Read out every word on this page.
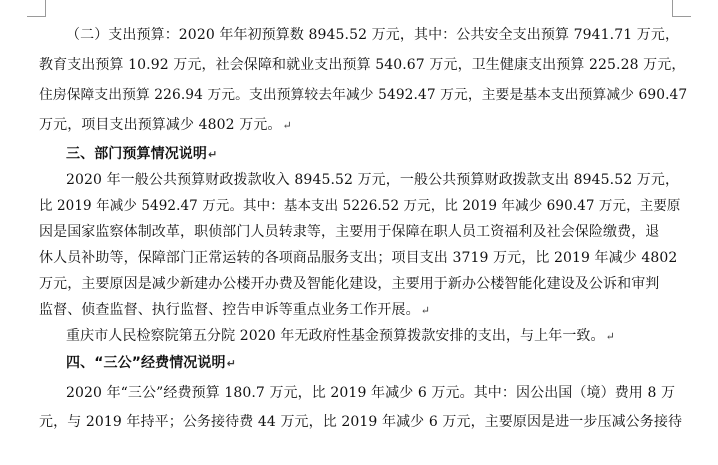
（二）支出预算：2020 年年初预算数 8945.52 万元，其中：公共安全支出预算 7941.71 万元，
教育支出预算 10.92 万元，社会保障和就业支出预算 540.67 万元，卫生健康支出预算 225.28 万元，
住房保障支出预算 226.94 万元。支出预算较去年减少 5492.47 万元，主要是基本支出预算减少 690.47
万元，项目支出预算减少 4802 万元。↵
三、部门预算情况说明↵
2020 年一般公共预算财政拨款收入 8945.52 万元，一般公共预算财政拨款支出 8945.52 万元，
比 2019 年减少 5492.47 万元。其中：基本支出 5226.52 万元，比 2019 年减少 690.47 万元，主要原
因是国家监察体制改革，职侦部门人员转隶等，主要用于保障在职人员工资福利及社会保险缴费，退
休人员补助等，保障部门正常运转的各项商品服务支出；项目支出 3719 万元，比 2019 年减少 4802
万元，主要原因是减少新建办公楼开办费及智能化建设，主要用于新办公楼智能化建设及公诉和审判
监督、侦查监督、执行监督、控告申诉等重点业务工作开展。↵
重庆市人民检察院第五分院 2020 年无政府性基金预算拨款安排的支出，与上年一致。↵
四、“三公”经费情况说明↵
2020 年“三公”经费预算 180.7 万元，比 2019 年减少 6 万元。其中：因公出国（境）费用 8 万
元，与 2019 年持平；公务接待费 44 万元，比 2019 年减少 6 万元，主要原因是进一步压减公务接待
